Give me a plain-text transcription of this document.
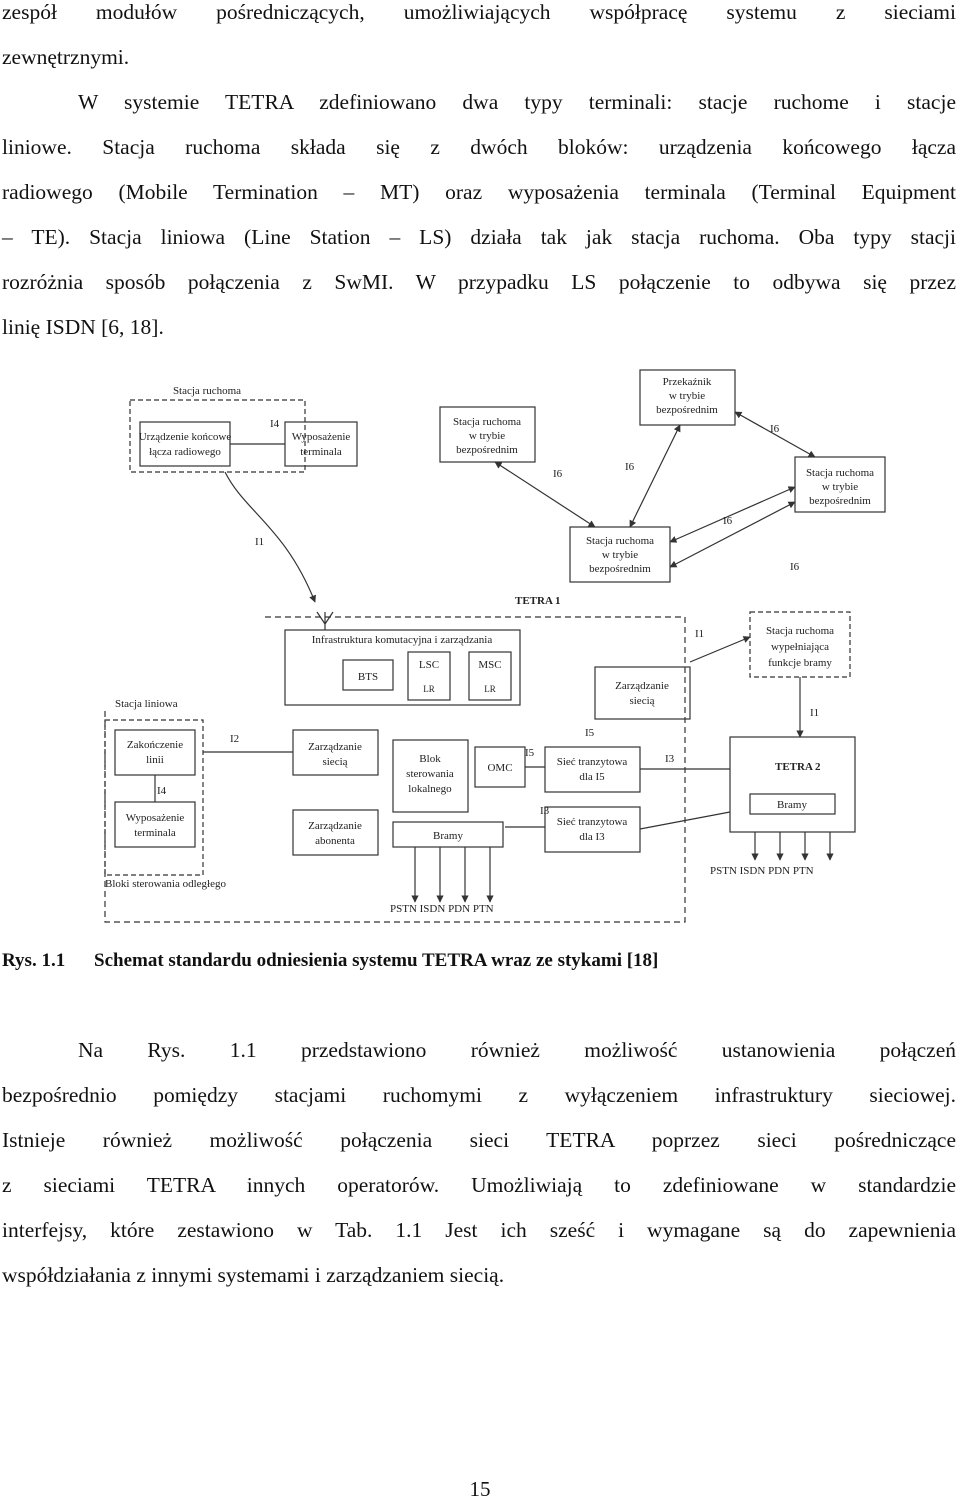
zespół modułów pośredniczących, umożliwiających współpracę systemu z sieciami
zewnętrznymi.
W systemie TETRA zdefiniowano dwa typy terminali: stacje ruchome i stacje
liniowe. Stacja ruchoma składa się z dwóch bloków: urządzenia końcowego łącza
radiowego (Mobile Termination – MT) oraz wyposażenia terminala (Terminal Equipment
– TE). Stacja liniowa (Line Station – LS) działa tak jak stacja ruchoma. Oba typy stacji
rozróżnia sposób połączenia z SwMI. W przypadku LS połączenie to odbywa się przez
linię ISDN [6, 18].
Stacja ruchoma
Urządzenie końcowe
łącza radiowego
Wyposażenie
terminala
Stacja ruchoma
w trybie
bezpośrednim
Przekaźnik
w trybie
bezpośrednim
Stacja ruchoma
w trybie
bezpośrednim
Stacja ruchoma
w trybie
bezpośrednim
Stacja ruchoma
wypełniająca
funkcje bramy
Infrastruktura komutacyjna i zarządzania
BTS
LSC
LR
MSC
LR	Zarządzanie
siecią
Stacja liniowa
Zakończenie
linii
Wyposażenie
terminala
Bloki sterowania odległego
Zarządzanie
siecią
Zarządzanie
abonenta
Blok
sterowania
lokalnego
OMC	Sieć tranzytowa
dla I5
Sieć tranzytowa
dla I3
Bramy
Bramy
PSTN ISDN PDN PTN
PSTN ISDN PDN PTN
I1
I1
I1
I2
I3
I3
I4
I4
I5
I5
I6
I6
I6
I6
I6
TETRA 1
TETRA 2
Rys. 1.1 Schemat standardu odniesienia systemu TETRA wraz ze stykami [18]
Na Rys. 1.1 przedstawiono również możliwość ustanowienia połączeń
bezpośrednio pomiędzy stacjami ruchomymi z wyłączeniem infrastruktury sieciowej.
Istnieje również możliwość połączenia sieci TETRA poprzez sieci pośredniczące
z sieciami TETRA innych operatorów. Umożliwiają to zdefiniowane w standardzie
interfejsy, które zestawiono w Tab. 1.1 Jest ich sześć i wymagane są do zapewnienia
współdziałania z innymi systemami i zarządzaniem siecią.
15
